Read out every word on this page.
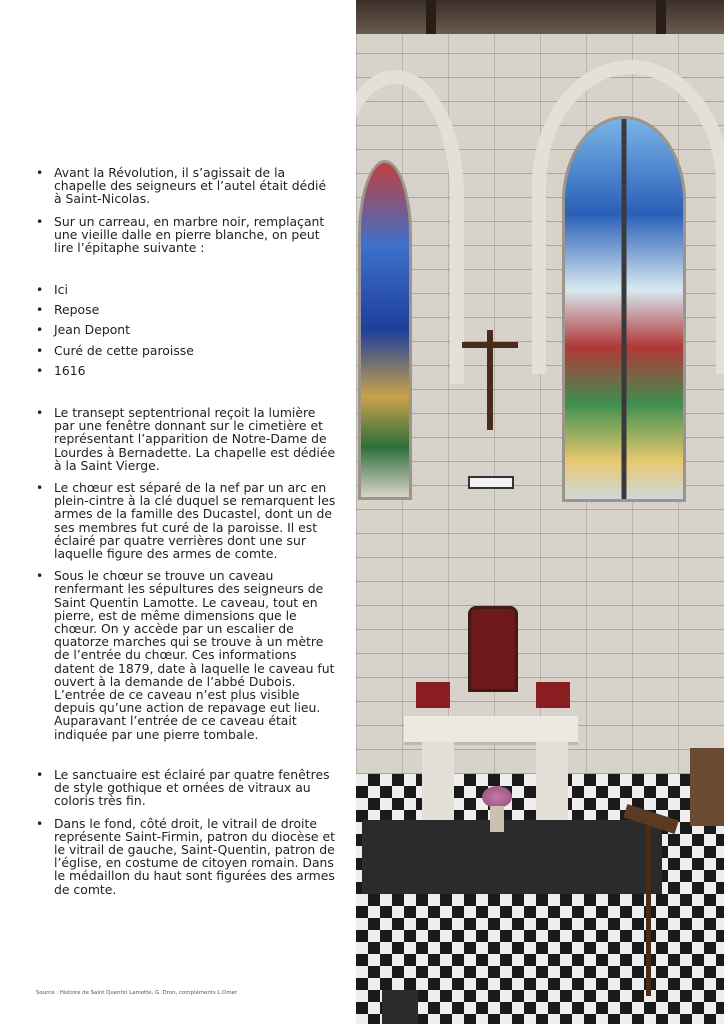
• Avant la Révolution, il s’agissait de la chapelle des seigneurs et l’autel était dédié à Saint-Nicolas.
• Sur un carreau, en marbre noir, remplaçant une vieille dalle en pierre blanche, on peut lire l’épitaphe suivante :
• Ici
• Repose
• Jean Depont
• Curé de cette paroisse
• 1616
• Le transept septentrional reçoit la lumière par une fenêtre donnant sur le cimetière et représentant l’apparition de Notre-Dame de Lourdes à Bernadette. La chapelle est dédiée à la Saint Vierge.
• Le chœur est séparé de la nef par un arc en plein-cintre à la clé duquel se remarquent les armes de la famille des Ducastel, dont un de ses membres fut curé de la paroisse. Il est éclairé par quatre verrières dont une sur laquelle figure des armes de comte.
• Sous le chœur se trouve un caveau renfermant les sépultures des seigneurs de Saint Quentin Lamotte. Le caveau, tout en pierre, est de même dimensions que le chœur. On y accède par un escalier de quatorze marches qui se trouve à un mètre de l’entrée du chœur. Ces informations datent de 1879, date à laquelle le caveau fut ouvert à la demande de l’abbé Dubois. L’entrée de ce caveau n’est plus visible depuis qu’une action de repavage eut lieu. Auparavant l’entrée de ce caveau était indiquée par une pierre tombale.
• Le sanctuaire est éclairé par quatre fenêtres de style gothique et ornées de vitraux au coloris très fin.
• Dans le fond, côté droit, le vitrail de droite représente Saint-Firmin, patron du diocèse et le vitrail de gauche, Saint-Quentin, patron de l’église, en costume de citoyen romain. Dans le médaillon du haut sont figurées des armes de comte.
Source : Histoire de Saint Quentin Lamotte, G. Dron, compléments L.Omer
